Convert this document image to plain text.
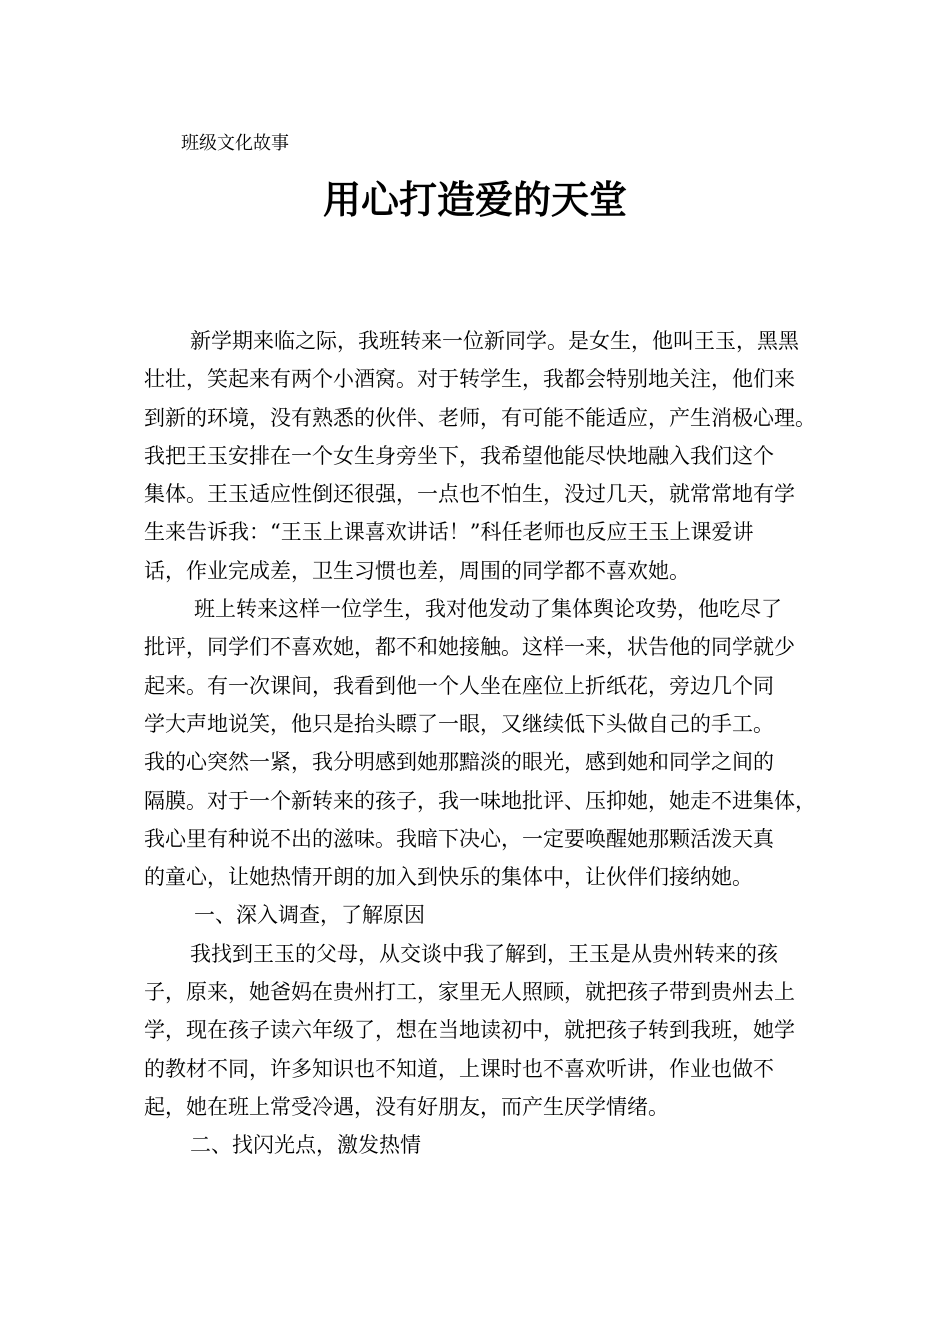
班级文化故事
用心打造爱的天堂
新学期来临之际，我班转来一位新同学。是女生，他叫王玉，黑黑
壮壮，笑起来有两个小酒窝。对于转学生，我都会特别地关注，他们来
到新的环境，没有熟悉的伙伴、老师，有可能不能适应，产生消极心理。
我把王玉安排在一个女生身旁坐下，我希望他能尽快地融入我们这个
集体。王玉适应性倒还很强，一点也不怕生，没过几天，就常常地有学
生来告诉我：“王玉上课喜欢讲话！”科任老师也反应王玉上课爱讲
话，作业完成差，卫生习惯也差，周围的同学都不喜欢她。
班上转来这样一位学生，我对他发动了集体舆论攻势，他吃尽了
批评，同学们不喜欢她，都不和她接触。这样一来，状告他的同学就少
起来。有一次课间，我看到他一个人坐在座位上折纸花，旁边几个同
学大声地说笑，他只是抬头瞟了一眼，又继续低下头做自己的手工。
我的心突然一紧，我分明感到她那黯淡的眼光，感到她和同学之间的
隔膜。对于一个新转来的孩子，我一味地批评、压抑她，她走不进集体，
我心里有种说不出的滋味。我暗下决心，一定要唤醒她那颗活泼天真
的童心，让她热情开朗的加入到快乐的集体中，让伙伴们接纳她。
一、深入调查，了解原因
我找到王玉的父母，从交谈中我了解到，王玉是从贵州转来的孩
子，原来，她爸妈在贵州打工，家里无人照顾，就把孩子带到贵州去上
学，现在孩子读六年级了，想在当地读初中，就把孩子转到我班，她学
的教材不同，许多知识也不知道，上课时也不喜欢听讲，作业也做不
起，她在班上常受冷遇，没有好朋友，而产生厌学情绪。
二、找闪光点，激发热情
